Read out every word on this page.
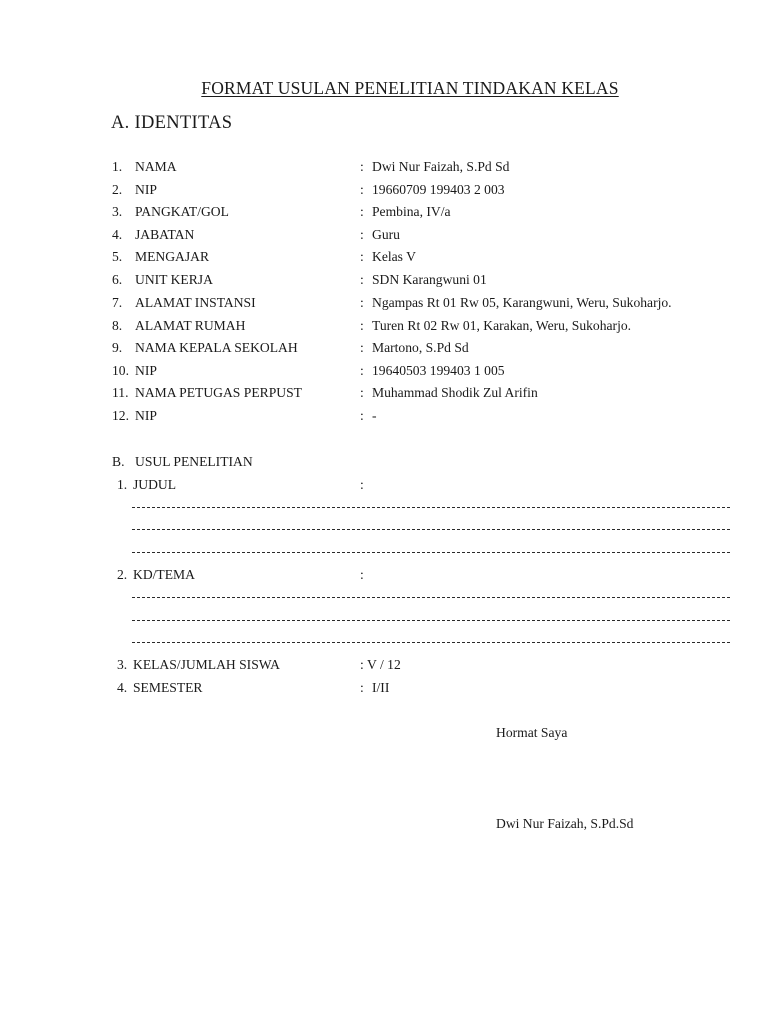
FORMAT USULAN PENELITIAN TINDAKAN KELAS
A. IDENTITAS
1. NAMA	: Dwi Nur Faizah, S.Pd Sd
2. NIP	: 19660709 199403 2 003
3. PANGKAT/GOL	: Pembina, IV/a
4. JABATAN	: Guru
5. MENGAJAR	: Kelas V
6. UNIT KERJA	: SDN Karangwuni 01
7. ALAMAT INSTANSI	: Ngampas Rt 01 Rw 05, Karangwuni, Weru, Sukoharjo.
8. ALAMAT RUMAH	: Turen Rt 02 Rw 01, Karakan, Weru, Sukoharjo.
9. NAMA KEPALA SEKOLAH	: Martono, S.Pd Sd
10. NIP	: 19640503 199403 1 005
11. NAMA PETUGAS PERPUST	: Muhammad Shodik Zul Arifin
12. NIP	: -
B. USUL PENELITIAN
1. JUDUL	:
2. KD/TEMA	:
3. KELAS/JUMLAH SISWA	: V / 12
4. SEMESTER	: I/II
Hormat Saya
Dwi Nur Faizah, S.Pd.Sd
